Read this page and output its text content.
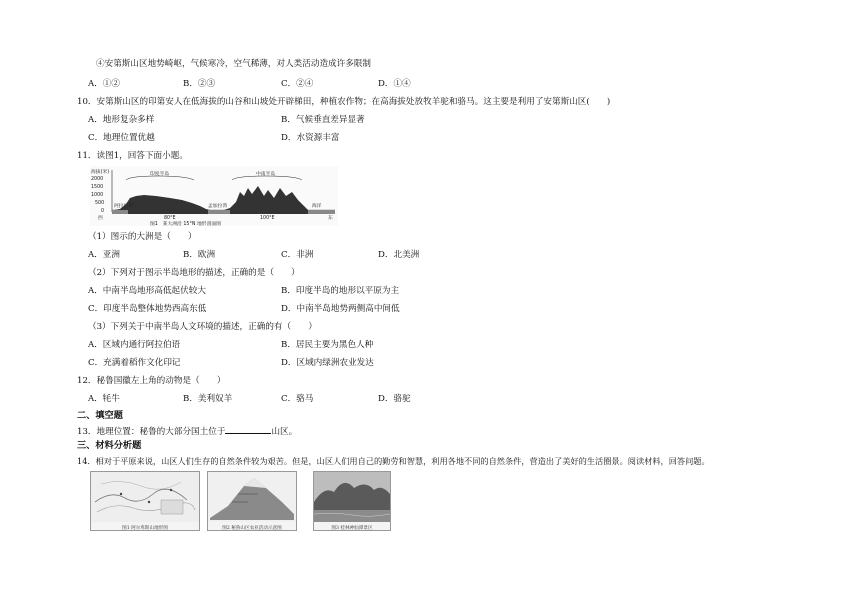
④安第斯山区地势崎岖，气候寒冷，空气稀薄，对人类活动造成许多限制
A．①②	B．②③	C．②④	D．①④
10．安第斯山区的印第安人在低海拔的山谷和山坡处开辟梯田，种植农作物；在高海拔处放牧羊驼和骆马。这主要是利用了安第斯山区(　　)
A．地形复杂多样	B．气候垂直差异显著
C．地理位置优越	D．水资源丰富
11．读图1，回答下面小题。
海拔(米)
2000
1500
1000
500
0
印度半岛	中南半岛
阿拉伯海	孟加拉湾	海洋
西	东
80°E	100°E
图1　某大洲沿 15°N 地形剖面图
（1）图示的大洲是（　　）
A．亚洲	B．欧洲	C．非洲	D．北美洲
（2）下列对于图示半岛地形的描述，正确的是（　　）
A．中南半岛地形高低起伏较大	B．印度半岛的地形以平原为主
C．印度半岛整体地势西高东低	D．中南半岛地势两侧高中间低
（3）下列关于中南半岛人文环境的描述，正确的有（　　）
A．区域内通行阿拉伯语	B．居民主要为黑色人种
C．充满着稻作文化印记	D．区域内绿洲农业发达
12．秘鲁国徽左上角的动物是（　　）
A．牦牛	B．美利奴羊	C．骆马	D．骆驼
二、填空题
13．地理位置：秘鲁的大部分国土位于	山区。
三、材料分析题
14．相对于平原来说，山区人们生存的自然条件较为艰苦。但是，山区人们用自己的勤劳和智慧，利用各地不同的自然条件，营造出了美好的生活圈景。阅读材料，回答问题。
图1 阿尔卑斯山地形图	图2 秘鲁山区农业活动示意图	图3 桂林神仙潭景区
